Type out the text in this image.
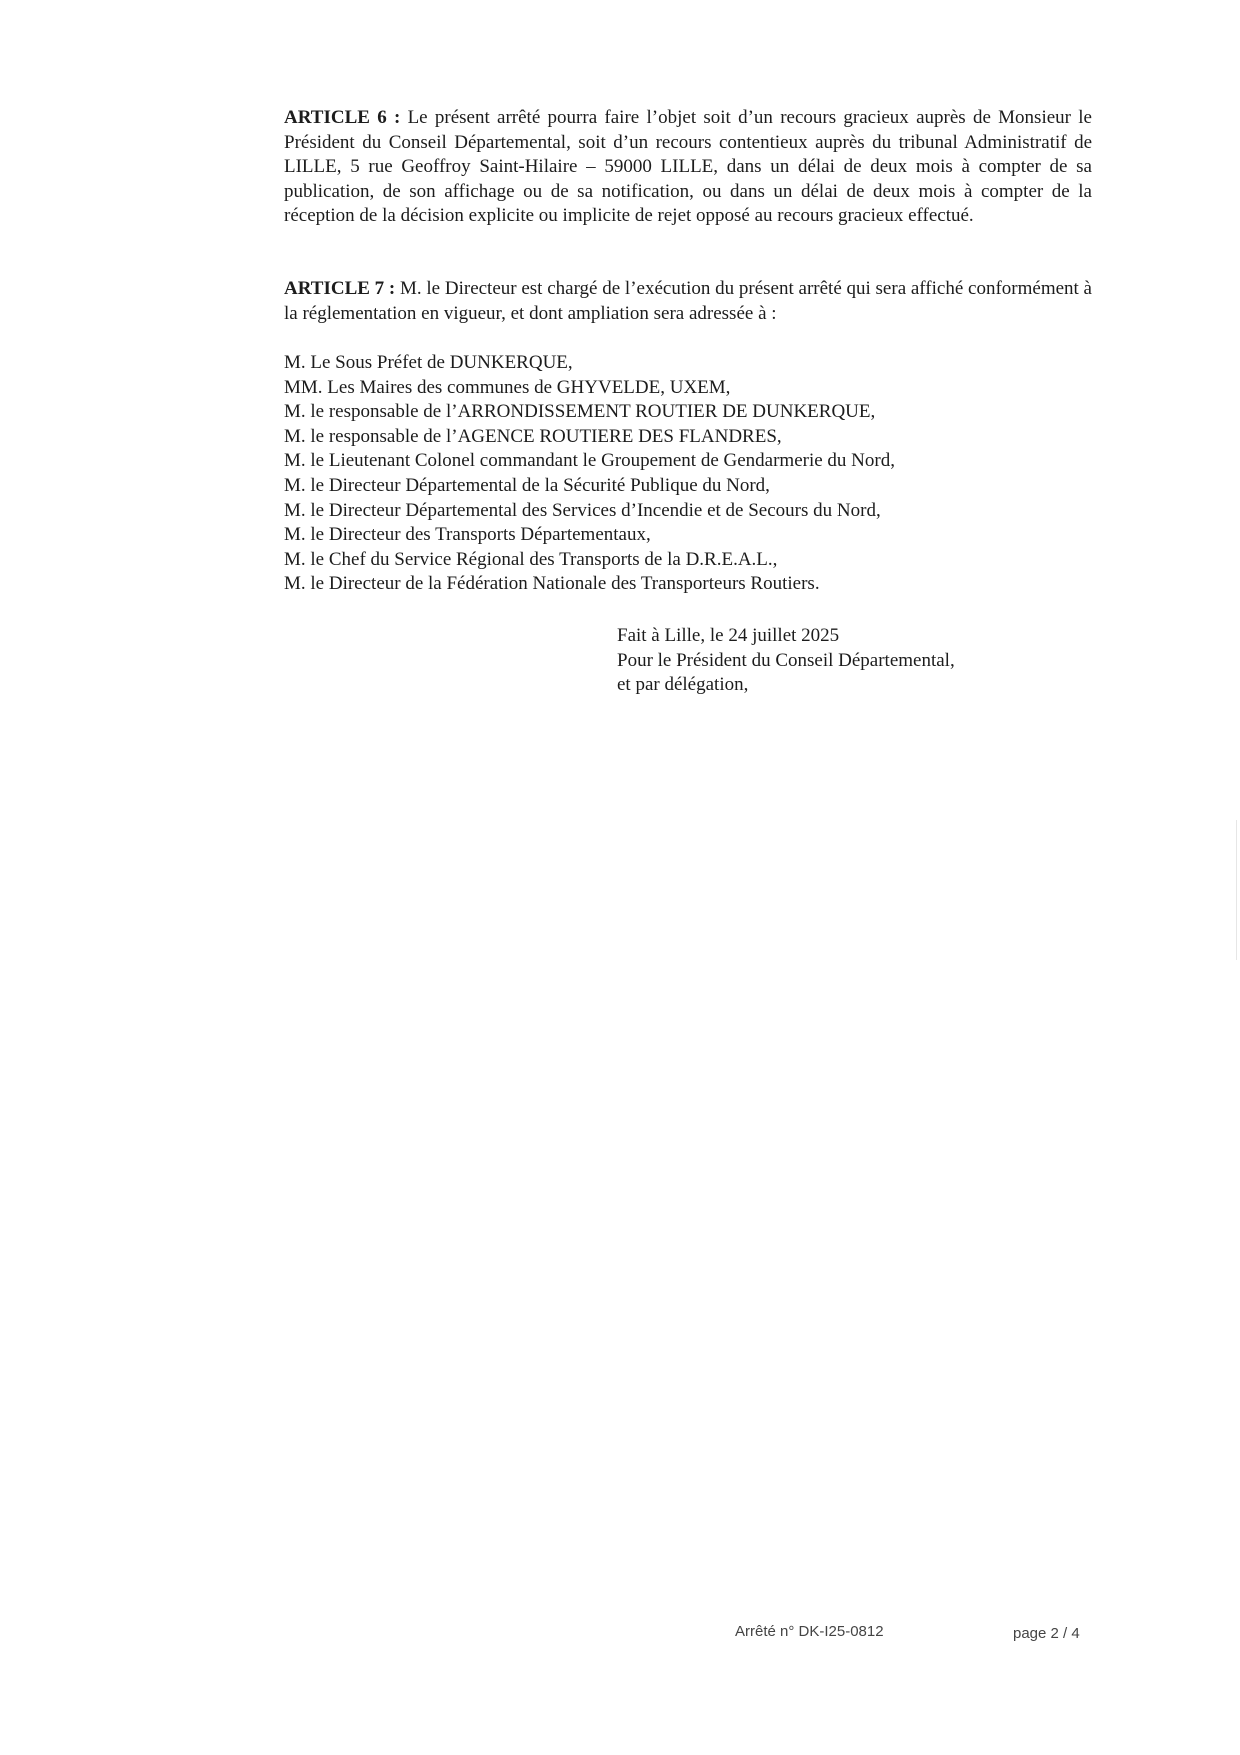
ARTICLE 6 : Le présent arrêté pourra faire l’objet soit d’un recours gracieux auprès de Monsieur le Président du Conseil Départemental, soit d’un recours contentieux auprès du tribunal Administratif de LILLE, 5 rue Geoffroy Saint-Hilaire – 59000 LILLE, dans un délai de deux mois à compter de sa publication, de son affichage ou de sa notification, ou dans un délai de deux mois à compter de la réception de la décision explicite ou implicite de rejet opposé au recours gracieux effectué.

ARTICLE 7 : M. le Directeur est chargé de l’exécution du présent arrêté qui sera affiché conformément à la réglementation en vigueur, et dont ampliation sera adressée à :

M. Le Sous Préfet de DUNKERQUE,
MM. Les Maires des communes de GHYVELDE, UXEM,
M. le responsable de l’ARRONDISSEMENT ROUTIER DE DUNKERQUE,
M. le responsable de l’AGENCE ROUTIERE DES FLANDRES,
M. le Lieutenant Colonel commandant le Groupement de Gendarmerie du Nord,
M. le Directeur Départemental de la Sécurité Publique du Nord,
M. le Directeur Départemental des Services d’Incendie et de Secours du Nord,
M. le Directeur des Transports Départementaux,
M. le Chef du Service Régional des Transports de la D.R.E.A.L.,
M. le Directeur de la Fédération Nationale des Transporteurs Routiers.
Fait à Lille, le 24 juillet 2025
Pour le Président du Conseil Départemental,
et par délégation,
Arrêté n° DK-I25-0812	page 2 / 4
